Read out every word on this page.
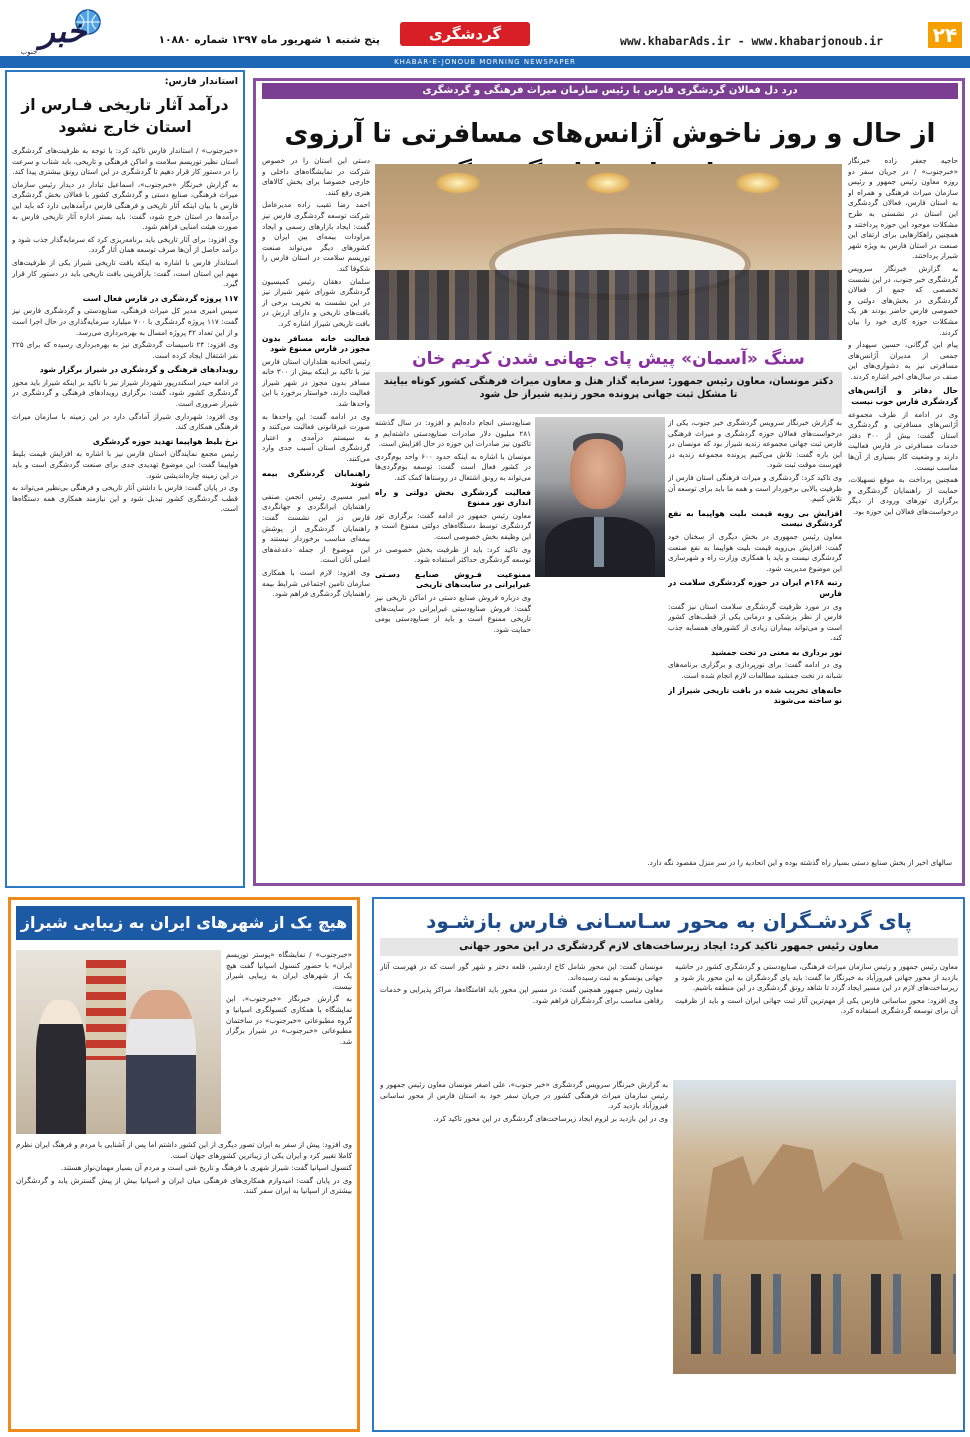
۲۴
www.khabarAds.ir - www.khabarjonoub.ir
گردشگری
خبر
جنوب
پنج شنبه ۱ شهریور ماه ۱۳۹۷ شماره ۱۰۸۸۰
KHABAR-E-JONOUB MORNING NEWSPAPER
درد دل فعالان گردشگری فارس با رئیس سازمان میراث فرهنگی و گردشگری
از حال و روز ناخوش آژانس‌های مسافرتی تا آرزوی

حاجیه جعفر زاده خبرنگار «خبرجنوب» / در جریان سفر دو روزه معاون رئیس جمهور و رئیس سازمان میراث فرهنگی و همراه او به استان فارس، فعالان گردشگری این استان در نشستی به طرح مشکلات موجود این حوزه پرداختند و همچنین راهکارهایی برای ارتقای این صنعت در استان فارس به ویژه شهر شیراز پرداختند.

به گزارش خبرنگار سرویس گردشگری خبر جنوب، در این نشست تخصصی که جمع از فعالان گردشگری در بخش‌های دولتی و خصوصی فارس حاضر بودند هر یک مشکلات حوزه کاری خود را بیان کردند.

پیام ابن گرگانی، حسین سپهدار و جمعی از مدیران آژانس‌های مسافرتی نیز به دشواری‌های این صنف در سال‌های اخیر اشاره کردند.

حال دفاتر و آژانس‌های گردشگری فارس خوب نیست

وی در ادامه از طرف مجموعه آژانس‌های مسافرتی و گردشگری استان گفت: بیش از ۳۰۰ دفتر خدمات مسافرتی در فارس فعالیت دارند و وضعیت کار بسیاری از آن‌ها مناسب نیست.

همچنین پرداخت به موقع تسهیلات، حمایت از راهنمایان گردشگری و برگزاری تورهای ورودی از دیگر درخواست‌های فعالان این حوزه بود.

دستی این استان را در خصوص شرکت در نمایشگاه‌های داخلی و خارجی خصوصا برای بخش کالاهای هنری رفع کنند.

احمد رضا تقیب زاده مدیرعامل شرکت توسعه گردشگری فارس نیز گفت: ایجاد بازارهای رسمی و ایجاد مراودات بیمه‌ای بین ایران و کشورهای دیگر می‌تواند صنعت توریسم سلامت در استان فارس را شکوفا کند.

سلمان دهقان رئیس کمیسیون گردشگری شورای شهر شیراز نیز در این نشست به تخریب برخی از بافت‌های تاریخی و دارای ارزش در بافت تاریخی شیراز اشاره کرد.

فعالیت خانه مسافر بدون مجوز در فارس ممنوع شود

رئیس اتحادیه هتلداران استان فارس نیز با تاکید بر اینکه بیش از ۳۰۰ خانه مسافر بدون مجوز در شهر شیراز فعالیت دارند، خواستار برخورد با این واحدها شد.

وی در ادامه گفت: این واحدها به صورت غیرقانونی فعالیت می‌کنند و به سیستم درآمدی و اعتبار گردشگری استان آسیب جدی وارد می‌کنند.

راهنمایان گردشگری بیمه شوند

امیر مسیری رئیس انجمن صنفی راهنمایان ایرانگردی و جهانگردی فارس در این نشست گفت: راهنمایان گردشگری از پوشش بیمه‌ای مناسب برخوردار نیستند و این موضوع از جمله دغدغه‌های اصلی آنان است.

وی افزود: لازم است با همکاری سازمان تامین اجتماعی شرایط بیمه راهنمایان گردشگری فراهم شود.

سنگ «آسمان» پیش پای جهانی شدن کریم خان
دکتر مونسان، معاون رئیس جمهور: سرمایه گذار هتل و معاون میراث فرهنگی کشور کوتاه بیایند تا مشکل ثبت جهانی پرونده محور زندیه شیراز حل شود

صنایع‌دستی انجام داده‌ایم و افزود: در سال گذشته ۲۸۱ میلیون دلار صادرات صنایع‌دستی داشته‌ایم و تاکنون نیز صادرات این حوزه در حال افزایش است.

مونسان با اشاره به اینکه حدود ۶۰۰ واحد بوم‌گردی در کشور فعال است گفت: توسعه بوم‌گردی‌ها می‌تواند به رونق اشتغال در روستاها کمک کند.

فعالیت گردشگری بخش دولتی و راه اندازی تور ممنوع

معاون رئیس جمهور در ادامه گفت: برگزاری تور گردشگری توسط دستگاه‌های دولتی ممنوع است و این وظیفه بخش خصوصی است.

وی تاکید کرد: باید از ظرفیت بخش خصوصی در توسعه گردشگری حداکثر استفاده شود.

ممنوعیت فـروش صنایـع دسـتی غیرایرانی در سایت‌های تاریخی

وی درباره فروش صنایع دستی در اماکن تاریخی نیز گفت: فروش صنایع‌دستی غیرایرانی در سایت‌های تاریخی ممنوع است و باید از صنایع‌دستی بومی حمایت شود.

به گزارش خبرنگار سرویس گردشگری خبر جنوب، یکی از درخواست‌های فعالان حوزه گردشگری و میراث فرهنگی فارس ثبت جهانی مجموعه زندیه شیراز بود که مونسان در این باره گفت: تلاش می‌کنیم پرونده مجموعه زندیه در فهرست موقت ثبت شود.

وی تاکید کرد: گردشگری و میراث فرهنگی استان فارس از ظرفیت بالایی برخوردار است و همه ما باید برای توسعه آن تلاش کنیم.

افزایش بی رویه قیمت بلیت هواپیما به نفع گردشگری نیست

معاون رئیس جمهوری در بخش دیگری از سخنان خود گفت: افزایش بی‌رویه قیمت بلیت هواپیما به نفع صنعت گردشگری نیست و باید با همکاری وزارت راه و شهرسازی این موضوع مدیریت شود.

رتبه ۱۶۸م ایران در حوزه گردشگری سلامت در فارس

وی در مورد ظرفیت گردشگری سلامت استان نیز گفت: فارس از نظر پزشکی و درمانی یکی از قطب‌های کشور است و می‌تواند بیماران زیادی از کشورهای همسایه جذب کند.

تور برداری به معنی در تخت جمشید

وی در ادامه گفت: برای نورپردازی و برگزاری برنامه‌های شبانه در تخت جمشید مطالعات لازم انجام شده است.

خانه‌های تخریب شده در بافت تاریخی شیراز از نو ساخته می‌شوند
سالهای اخیر از بخش صنایع دستی بسیار راه گذشته بوده و این اتحادیه را در سر منزل مقصود نگه دارد.
استاندار فارس:
درآمد آثار تاریخی فـارس از استان خارج نشود

«خبرجنوب» / استاندار فارس تاکید کرد: با توجه به ظرفیت‌های گردشگری استان نظیر توریسم سلامت و اماکن فرهنگی و تاریخی، باید شتاب و سرعت را در دستور کار قرار دهیم تا گردشگری در این استان رونق بیشتری پیدا کند.

به گزارش خبرنگار «خبرجنوب»، اسماعیل تبادار در دیدار رئیس سازمان میراث فرهنگی، صنایع دستی و گردشگری کشور با فعالان بخش گردشگری فارس با بیان اینکه آثار تاریخی و فرهنگی فارس درآمدهایی دارد که باید این درآمدها در استان خرج شود، گفت: باید بستر اداره آثار تاریخی فارس به صورت هیئت امنایی فراهم شود.

وی افزود: برای آثار تاریخی باید برنامه‌ریزی کرد که سرمایه‌گذار جذب شود و درآمد حاصل از آن‌ها صرف توسعه همان آثار گردد.

استاندار فارس با اشاره به اینکه بافت تاریخی شیراز یکی از ظرفیت‌های مهم این استان است، گفت: بازآفرینی بافت تاریخی باید در دستور کار قرار گیرد.

۱۱۷ پروژه گردشگری در فارس فعال است

سپس امیری مدیر کل میراث فرهنگی، صنایع‌دستی و گردشگری فارس نیز گفت: ۱۱۷ پروژه گردشگری با ۷۰۰ میلیارد سرمایه‌گذاری در حال اجرا است و از این تعداد ۴۲ پروژه امسال به بهره‌برداری می‌رسد.

وی افزود: ۲۴ تاسیسات گردشگری نیز به بهره‌برداری رسیده که برای ۲۲۵ نفر اشتغال ایجاد کرده است.

رویدادهای فرهنگی و گردشگری در شیراز برگزار شود

در ادامه حیدر اسکندرپور شهردار شیراز نیز با تاکید بر اینکه شیراز باید محور گردشگری کشور شود، گفت: برگزاری رویدادهای فرهنگی و گردشگری در شیراز ضروری است.

وی افزود: شهرداری شیراز آمادگی دارد در این زمینه با سازمان میراث فرهنگی همکاری کند.

نرخ بلیط هواپیما تهدید حوزه گردشگری

رئیس مجمع نمایندگان استان فارس نیز با اشاره به افزایش قیمت بلیط هواپیما گفت: این موضوع تهدیدی جدی برای صنعت گردشگری است و باید در این زمینه چاره‌اندیشی شود.

وی در پایان گفت: فارس با داشتن آثار تاریخی و فرهنگی بی‌نظیر می‌تواند به قطب گردشگری کشور تبدیل شود و این نیازمند همکاری همه دستگاه‌ها است.

پای گردشـگران به محور سـاسـانی فارس بازشـود
معاون رئیس جمهور تاکید کرد: ایجاد زیرساخت‌های لازم گردشگری در این محور جهانی

معاون رئیس جمهور و رئیس سازمان میراث فرهنگی، صنایع‌دستی و گردشگری کشور در حاشیه بازدید از محور جهانی فیروزآباد به خبرنگار ما گفت: باید پای گردشگران به این محور باز شود و زیرساخت‌های لازم در این مسیر ایجاد گردد تا شاهد رونق گردشگری در این منطقه باشیم.

وی افزود: محور ساسانی فارس یکی از مهم‌ترین آثار ثبت جهانی ایران است و باید از ظرفیت آن برای توسعه گردشگری استفاده کرد.

مونسان گفت: این محور شامل کاخ اردشیر، قلعه دختر و شهر گور است که در فهرست آثار جهانی یونسکو به ثبت رسیده‌اند.

معاون رئیس جمهور همچنین گفت: در مسیر این محور باید اقامتگاه‌ها، مراکز پذیرایی و خدمات رفاهی مناسب برای گردشگران فراهم شود.

به گزارش خبرنگار سرویس گردشگری «خبر جنوب»، علی اصغر مونسان معاون رئیس جمهور و رئیس سازمان میراث فرهنگی کشور در جریان سفر خود به استان فارس از محور ساسانی فیروزآباد بازدید کرد.

وی در این بازدید بر لزوم ایجاد زیرساخت‌های گردشگری در این محور تاکید کرد.

هیچ یک از شهرهای ایران به زیبایی شیراز

«خبرجنوب» / نمایشگاه «پوستر توریسم ایران» با حضور کنسول اسپانیا گفت هیچ یک از شهرهای ایران به زیبایی شیراز نیست.

به گزارش خبرنگار «خبرجنوب»، این نمایشگاه با همکاری کنسولگری اسپانیا و گروه مطبوعاتی «خبرجنوب» در ساختمان مطبوعاتی «خبرجنوب» در شیراز برگزار شد.

وی افزود: پیش از سفر به ایران تصور دیگری از این کشور داشتم اما پس از آشنایی با مردم و فرهنگ ایران نظرم کاملا تغییر کرد و ایران یکی از زیباترین کشورهای جهان است.

کنسول اسپانیا گفت: شیراز شهری با فرهنگ و تاریخ غنی است و مردم آن بسیار مهمان‌نواز هستند.

وی در پایان گفت: امیدوارم همکاری‌های فرهنگی میان ایران و اسپانیا بیش از پیش گسترش یابد و گردشگران بیشتری از اسپانیا به ایران سفر کنند.
